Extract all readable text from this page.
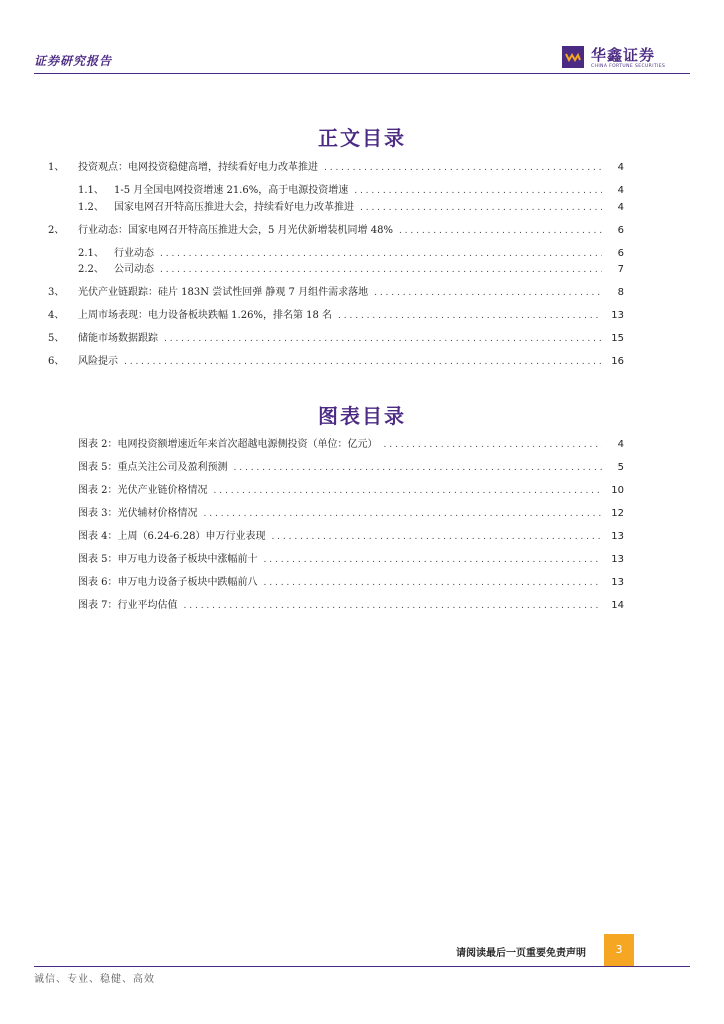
证券研究报告	华鑫证券
CHINA FORTUNE SECURITIES
正文目录
1、	投资观点：电网投资稳健高增，持续看好电力改革推进 . . .	4
1.1、	1-5 月全国电网投资增速 21.6%，高于电源投资增速 . . .	4
1.2、	国家电网召开特高压推进大会，持续看好电力改革推进 . . .	4
2、	行业动态：国家电网召开特高压推进大会，5 月光伏新增装机同增 48% . . .	6
2.1、	行业动态 . . .	6
2.2、	公司动态 . . .	7
3、	光伏产业链跟踪：硅片 183N 尝试性回弹 静观 7 月组件需求落地 . . .	8
4、	上周市场表现：电力设备板块跌幅 1.26%，排名第 18 名 . . .	13
5、	储能市场数据跟踪 . . .	15
6、	风险提示 . . .	16
图表目录
图表 2：电网投资额增速近年来首次超越电源侧投资（单位：亿元） . . .	4
图表 5：重点关注公司及盈利预测 . . .	5
图表 2：光伏产业链价格情况 . . .	10
图表 3：光伏辅材价格情况 . . .	12
图表 4：上周（6.24-6.28）申万行业表现 . . .	13
图表 5：申万电力设备子板块中涨幅前十 . . .	13
图表 6：申万电力设备子板块中跌幅前八 . . .	13
图表 7：行业平均估值 . . .	14
请阅读最后一页重要免责声明	3
诚信、专业、稳健、高效
